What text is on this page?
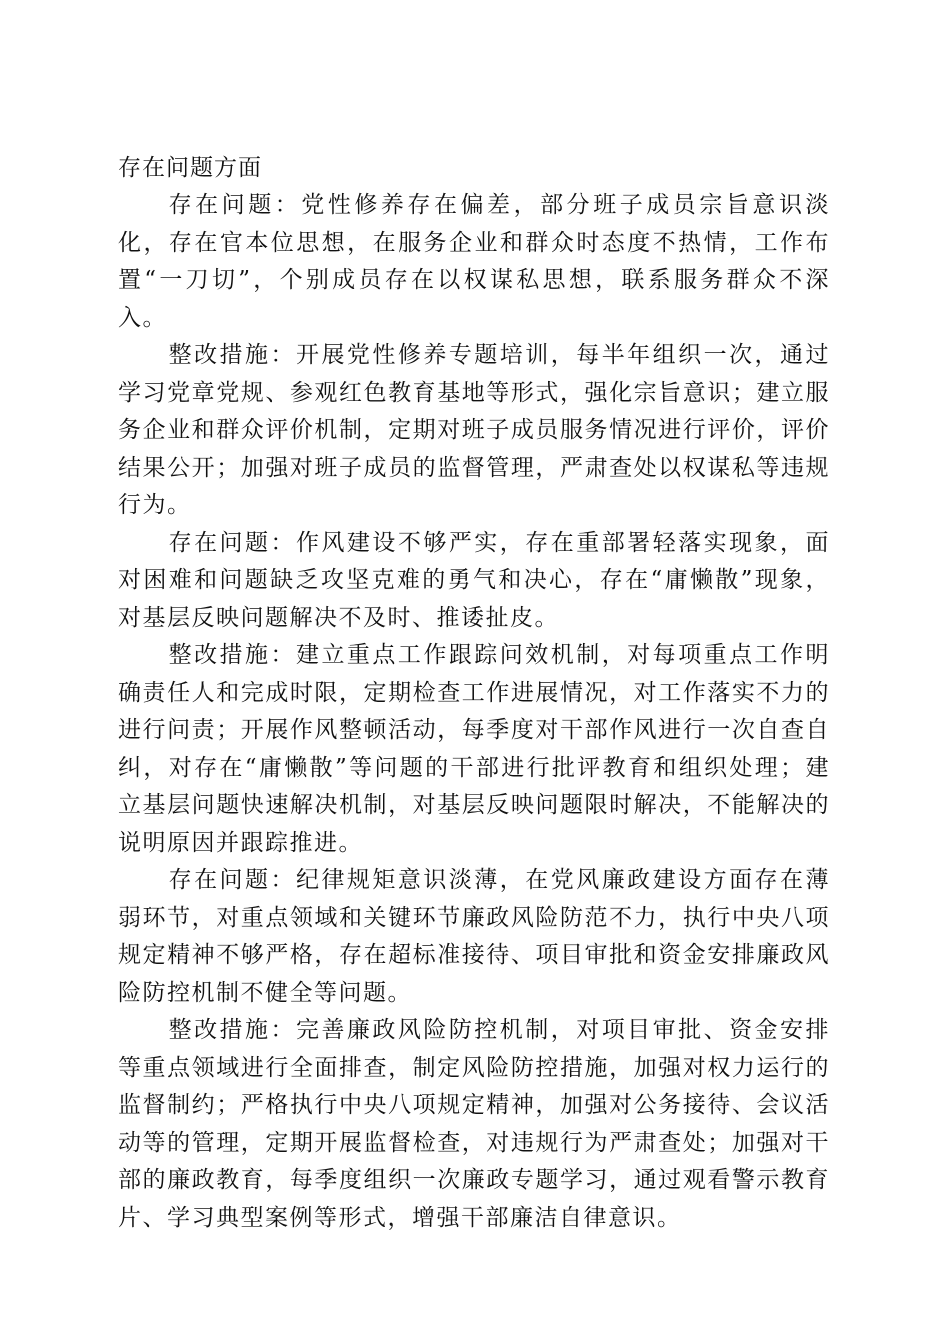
存在问题方面

存在问题：党性修养存在偏差，部分班子成员宗旨意识淡化，存在官本位思想，在服务企业和群众时态度不热情，工作布置“一刀切”，个别成员存在以权谋私思想，联系服务群众不深入。

整改措施：开展党性修养专题培训，每半年组织一次，通过学习党章党规、参观红色教育基地等形式，强化宗旨意识；建立服务企业和群众评价机制，定期对班子成员服务情况进行评价，评价结果公开；加强对班子成员的监督管理，严肃查处以权谋私等违规行为。

存在问题：作风建设不够严实，存在重部署轻落实现象，面对困难和问题缺乏攻坚克难的勇气和决心，存在“庸懒散”现象，对基层反映问题解决不及时、推诿扯皮。

整改措施：建立重点工作跟踪问效机制，对每项重点工作明确责任人和完成时限，定期检查工作进展情况，对工作落实不力的进行问责；开展作风整顿活动，每季度对干部作风进行一次自查自纠，对存在“庸懒散”等问题的干部进行批评教育和组织处理；建立基层问题快速解决机制，对基层反映问题限时解决，不能解决的说明原因并跟踪推进。

存在问题：纪律规矩意识淡薄，在党风廉政建设方面存在薄弱环节，对重点领域和关键环节廉政风险防范不力，执行中央八项规定精神不够严格，存在超标准接待、项目审批和资金安排廉政风险防控机制不健全等问题。

整改措施：完善廉政风险防控机制，对项目审批、资金安排等重点领域进行全面排查，制定风险防控措施，加强对权力运行的监督制约；严格执行中央八项规定精神，加强对公务接待、会议活动等的管理，定期开展监督检查，对违规行为严肃查处；加强对干部的廉政教育，每季度组织一次廉政专题学习，通过观看警示教育片、学习典型案例等形式，增强干部廉洁自律意识。
